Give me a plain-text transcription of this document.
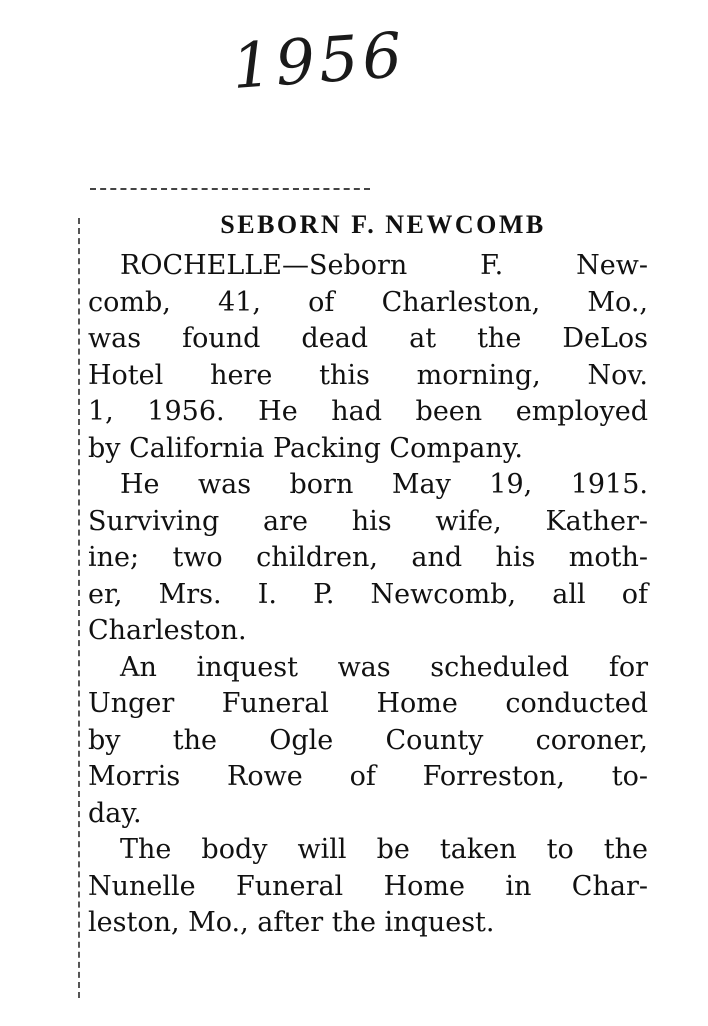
1956
SEBORN F. NEWCOMB
ROCHELLE—Seborn F. New-
comb, 41, of Charleston, Mo.,
was found dead at the DeLos
Hotel here this morning, Nov.
1, 1956. He had been employed
by California Packing Company.
He was born May 19, 1915.
Surviving are his wife, Kather-
ine; two children, and his moth-
er, Mrs. I. P. Newcomb, all of
Charleston.
An inquest was scheduled for
Unger Funeral Home conducted
by the Ogle County coroner,
Morris Rowe of Forreston, to-
day.
The body will be taken to the
Nunelle Funeral Home in Char-
leston, Mo., after the inquest.
